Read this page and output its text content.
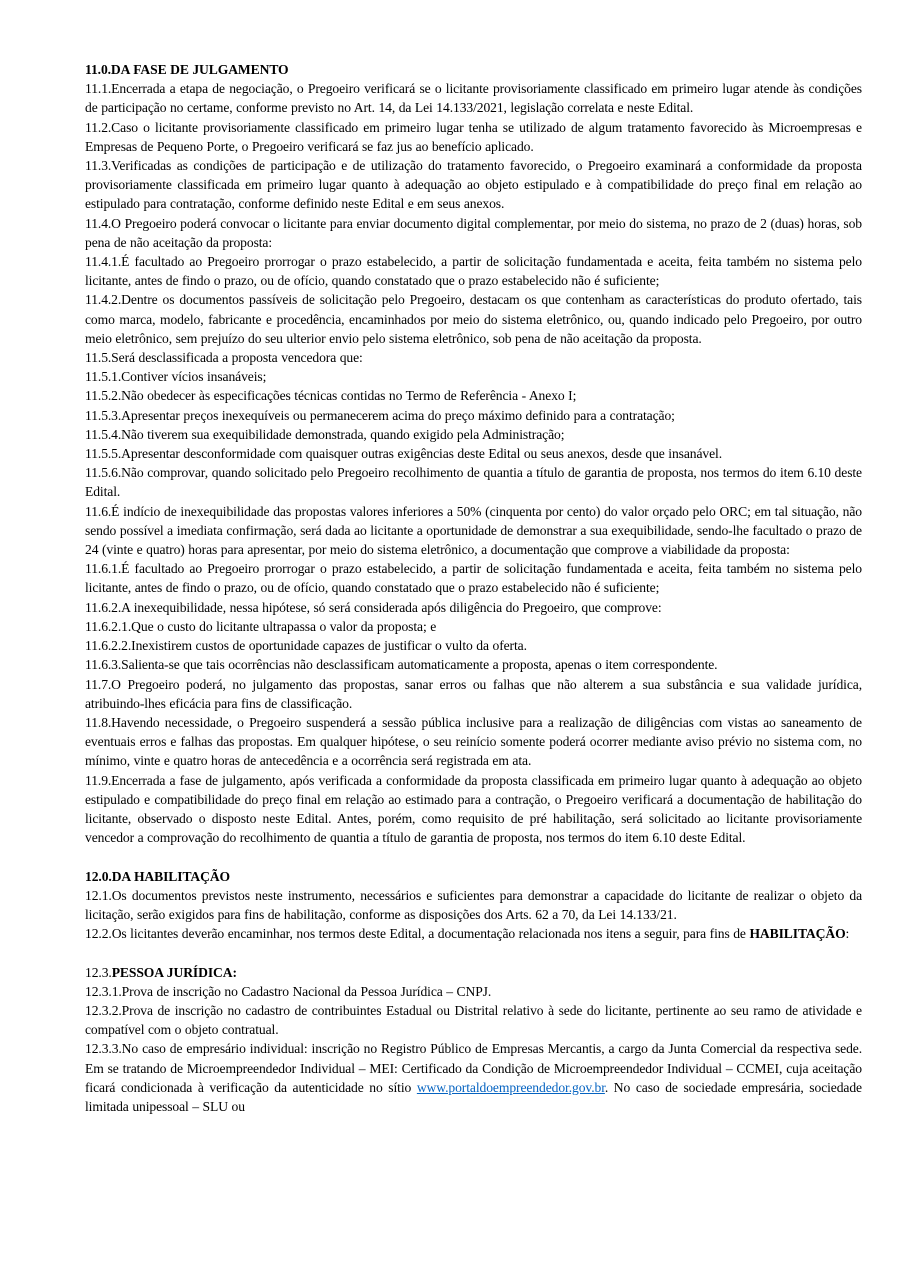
11.0.DA FASE DE JULGAMENTO

11.1.Encerrada a etapa de negociação, o Pregoeiro verificará se o licitante provisoriamente classificado em primeiro lugar atende às condições de participação no certame, conforme previsto no Art. 14, da Lei 14.133/2021, legislação correlata e neste Edital.

11.2.Caso o licitante provisoriamente classificado em primeiro lugar tenha se utilizado de algum tratamento favorecido às Microempresas e Empresas de Pequeno Porte, o Pregoeiro verificará se faz jus ao benefício aplicado.

11.3.Verificadas as condições de participação e de utilização do tratamento favorecido, o Pregoeiro examinará a conformidade da proposta provisoriamente classificada em primeiro lugar quanto à adequação ao objeto estipulado e à compatibilidade do preço final em relação ao estipulado para contratação, conforme definido neste Edital e em seus anexos.

11.4.O Pregoeiro poderá convocar o licitante para enviar documento digital complementar, por meio do sistema, no prazo de 2 (duas) horas, sob pena de não aceitação da proposta:

11.4.1.É facultado ao Pregoeiro prorrogar o prazo estabelecido, a partir de solicitação fundamentada e aceita, feita também no sistema pelo licitante, antes de findo o prazo, ou de ofício, quando constatado que o prazo estabelecido não é suficiente;

11.4.2.Dentre os documentos passíveis de solicitação pelo Pregoeiro, destacam os que contenham as características do produto ofertado, tais como marca, modelo, fabricante e procedência, encaminhados por meio do sistema eletrônico, ou, quando indicado pelo Pregoeiro, por outro meio eletrônico, sem prejuízo do seu ulterior envio pelo sistema eletrônico, sob pena de não aceitação da proposta.

11.5.Será desclassificada a proposta vencedora que:

11.5.1.Contiver vícios insanáveis;

11.5.2.Não obedecer às especificações técnicas contidas no Termo de Referência - Anexo I;

11.5.3.Apresentar preços inexequíveis ou permanecerem acima do preço máximo definido para a contratação;

11.5.4.Não tiverem sua exequibilidade demonstrada, quando exigido pela Administração;

11.5.5.Apresentar desconformidade com quaisquer outras exigências deste Edital ou seus anexos, desde que insanável.

11.5.6.Não comprovar, quando solicitado pelo Pregoeiro recolhimento de quantia a título de garantia de proposta, nos termos do item 6.10 deste Edital.

11.6.É indício de inexequibilidade das propostas valores inferiores a 50% (cinquenta por cento) do valor orçado pelo ORC; em tal situação, não sendo possível a imediata confirmação, será dada ao licitante a oportunidade de demonstrar a sua exequibilidade, sendo-lhe facultado o prazo de 24 (vinte e quatro) horas para apresentar, por meio do sistema eletrônico, a documentação que comprove a viabilidade da proposta:

11.6.1.É facultado ao Pregoeiro prorrogar o prazo estabelecido, a partir de solicitação fundamentada e aceita, feita também no sistema pelo licitante, antes de findo o prazo, ou de ofício, quando constatado que o prazo estabelecido não é suficiente;

11.6.2.A inexequibilidade, nessa hipótese, só será considerada após diligência do Pregoeiro, que comprove:

11.6.2.1.Que o custo do licitante ultrapassa o valor da proposta; e

11.6.2.2.Inexistirem custos de oportunidade capazes de justificar o vulto da oferta.

11.6.3.Salienta-se que tais ocorrências não desclassificam automaticamente a proposta, apenas o item correspondente.

11.7.O Pregoeiro poderá, no julgamento das propostas, sanar erros ou falhas que não alterem a sua substância e sua validade jurídica, atribuindo-lhes eficácia para fins de classificação.

11.8.Havendo necessidade, o Pregoeiro suspenderá a sessão pública inclusive para a realização de diligências com vistas ao saneamento de eventuais erros e falhas das propostas. Em qualquer hipótese, o seu reinício somente poderá ocorrer mediante aviso prévio no sistema com, no mínimo, vinte e quatro horas de antecedência e a ocorrência será registrada em ata.

11.9.Encerrada a fase de julgamento, após verificada a conformidade da proposta classificada em primeiro lugar quanto à adequação ao objeto estipulado e compatibilidade do preço final em relação ao estimado para a contração, o Pregoeiro verificará a documentação de habilitação do licitante, observado o disposto neste Edital. Antes, porém, como requisito de pré habilitação, será solicitado ao licitante provisoriamente vencedor a comprovação do recolhimento de quantia a título de garantia de proposta, nos termos do item 6.10 deste Edital.

12.0.DA HABILITAÇÃO

12.1.Os documentos previstos neste instrumento, necessários e suficientes para demonstrar a capacidade do licitante de realizar o objeto da licitação, serão exigidos para fins de habilitação, conforme as disposições dos Arts. 62 a 70, da Lei 14.133/21.

12.2.Os licitantes deverão encaminhar, nos termos deste Edital, a documentação relacionada nos itens a seguir, para fins de HABILITAÇÃO:

12.3.PESSOA JURÍDICA:

12.3.1.Prova de inscrição no Cadastro Nacional da Pessoa Jurídica – CNPJ.

12.3.2.Prova de inscrição no cadastro de contribuintes Estadual ou Distrital relativo à sede do licitante, pertinente ao seu ramo de atividade e compatível com o objeto contratual.

12.3.3.No caso de empresário individual: inscrição no Registro Público de Empresas Mercantis, a cargo da Junta Comercial da respectiva sede. Em se tratando de Microempreendedor Individual – MEI: Certificado da Condição de Microempreendedor Individual – CCMEI, cuja aceitação ficará condicionada à verificação da autenticidade no sítio www.portaldoempreendedor.gov.br. No caso de sociedade empresária, sociedade limitada unipessoal – SLU ou
